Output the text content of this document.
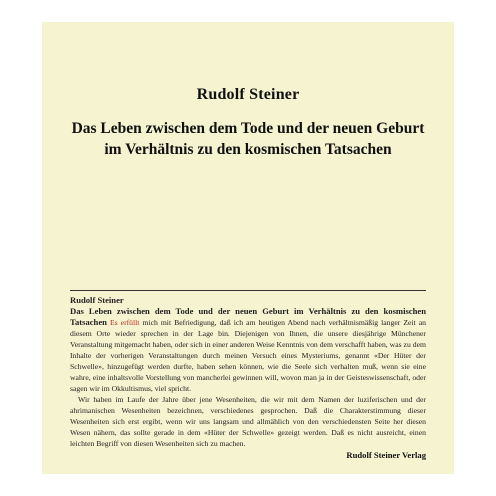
Rudolf Steiner
Das Leben zwischen dem Tode und der neuen Geburt
im Verhältnis zu den kosmischen Tatsachen
Rudolf Steiner

Das Leben zwischen dem Tode und der neuen Geburt im Verhältnis zu den kosmischen Tatsachen Es erfüllt mich mit Befriedigung, daß ich am heutigen Abend nach verhältnismäßig langer Zeit an diesem Orte wieder sprechen in der Lage bin. Diejenigen von Ihnen, die unsere diesjährige Münchener Veranstaltung mitgemacht haben, oder sich in einer anderen Weise Kenntnis von dem verschafft haben, was zu dem Inhalte der vorherigen Veranstaltungen durch meinen Versuch eines Mysteriums, genannt «Der Hüter der Schwelle», hinzugefügt werden durfte, haben sehen können, wie die Seele sich verhalten muß, wenn sie eine wahre, eine inhaltsvolle Vorstellung von mancherlei gewinnen will, wovon man ja in der Geisteswissenschaft, oder sagen wir im Okkultismus, viel spricht.

Wir haben im Laufe der Jahre über jene Wesenheiten, die wir mit dem Namen der luziferischen und der ahrimanischen Wesenheiten bezeichnen, verschiedenes gesprochen. Daß die Charakterstimmung dieser Wesenheiten sich erst ergibt, wenn wir uns langsam und allmählich von den verschiedensten Seite her diesen Wesen nähern, das sollte gerade in dem «Hüter der Schwelle» gezeigt werden. Daß es nicht ausreicht, einen leichten Begriff von diesen Wesenheiten sich zu machen.

Rudolf Steiner Verlag
